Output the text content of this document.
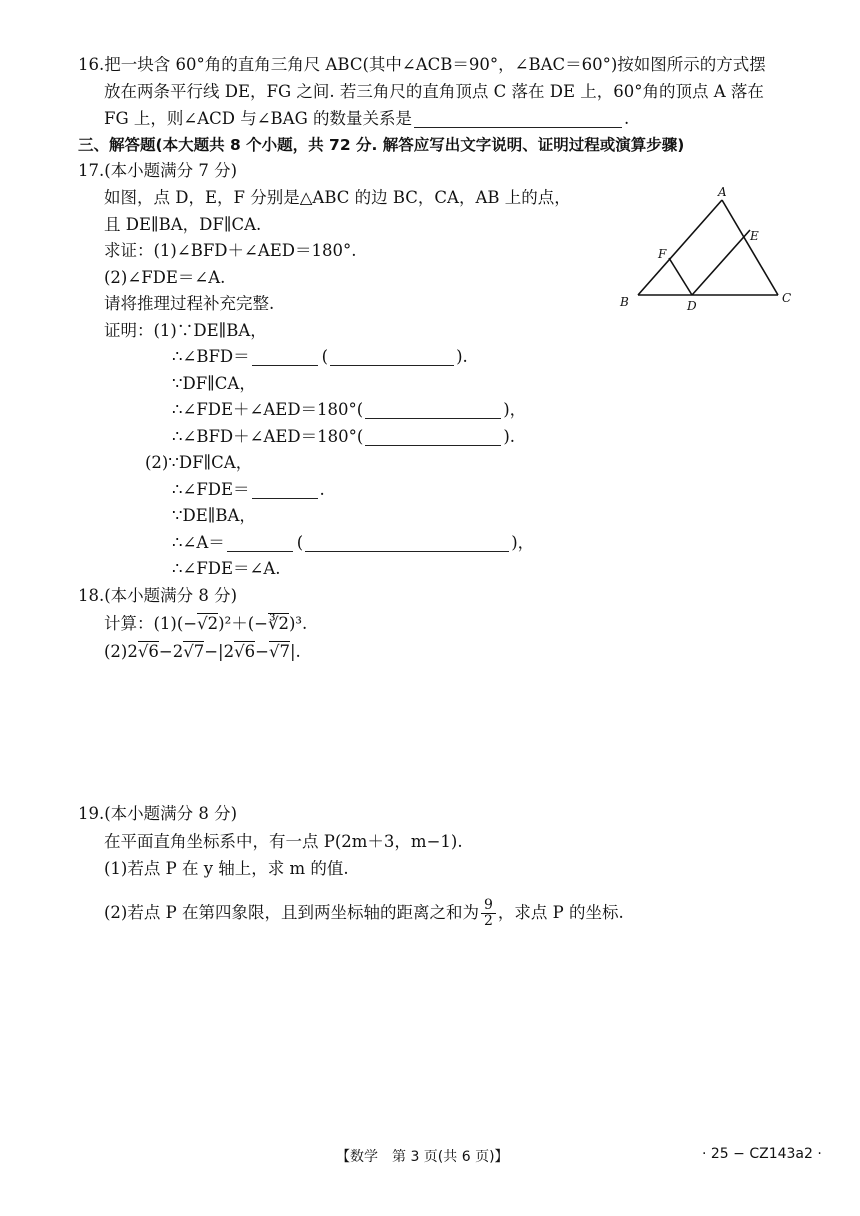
16.把一块含 60°角的直角三角尺 ABC(其中∠ACB＝90°，∠BAC＝60°)按如图所示的方式摆
放在两条平行线 DE，FG 之间. 若三角尺的直角顶点 C 落在 DE 上，60°角的顶点 A 落在
FG 上，则∠ACD 与∠BAG 的数量关系是	.
三、解答题(本大题共 8 个小题，共 72 分. 解答应写出文字说明、证明过程或演算步骤)
17.(本小题满分 7 分)
如图，点 D，E，F 分别是△ABC 的边 BC，CA，AB 上的点，
且 DE∥BA，DF∥CA.
求证：(1)∠BFD＋∠AED＝180°.
(2)∠FDE＝∠A.
请将推理过程补充完整.
A
B	C
D
E
F
证明：(1)∵DE∥BA，
∴∠BFD＝	(	).
∵DF∥CA，
∴∠FDE＋∠AED＝180°(	)，
∴∠BFD＋∠AED＝180°(	).
(2)∵DF∥CA，
∴∠FDE＝	.
∵DE∥BA，
∴∠A＝	(	)，
∴∠FDE＝∠A.
18.(本小题满分 8 分)
计算：(1)(−√2)²＋(−∛2)³.
(2)2√6−2√7−|2√6−√7|.
19.(本小题满分 8 分)
在平面直角坐标系中，有一点 P(2m＋3，m−1).
(1)若点 P 在 y 轴上，求 m 的值.
(2)若点 P 在第四象限，且到两坐标轴的距离之和为 $\frac{9}{2}$ ，求点 P 的坐标.
【数学　第 3 页(共 6 页)】	· 25 − CZ143a2 ·
